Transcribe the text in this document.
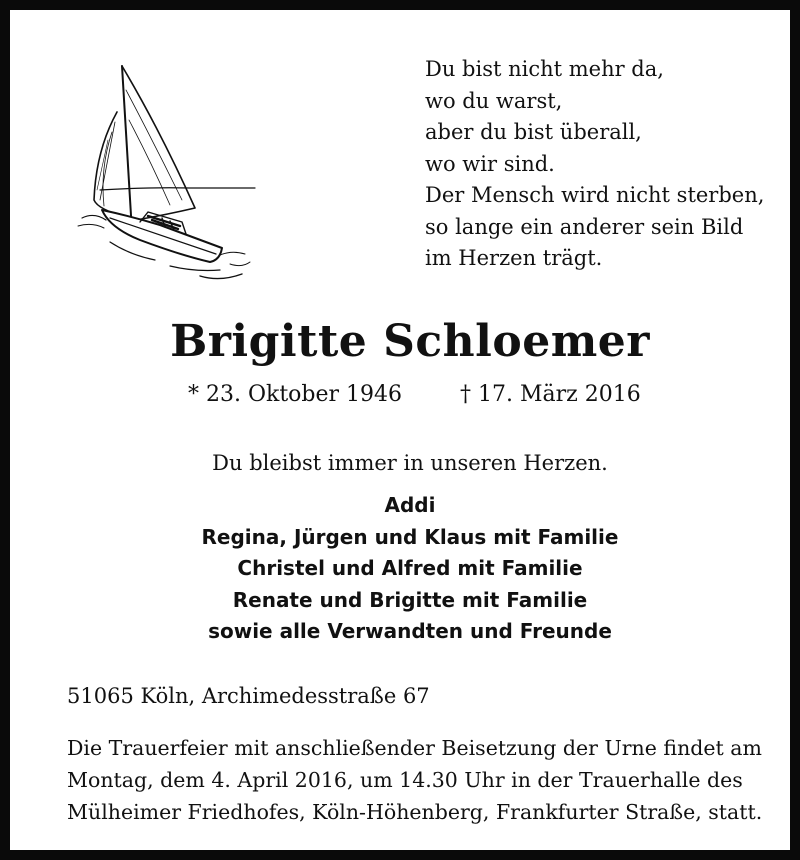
Du bist nicht mehr da,
wo du warst,
aber du bist überall,
wo wir sind.
Der Mensch wird nicht sterben,
so lange ein anderer sein Bild
im Herzen trägt.
Brigitte Schloemer
* 23. Oktober 1946	† 17. März 2016
Du bleibst immer in unseren Herzen.
Addi
Regina, Jürgen und Klaus mit Familie
Christel und Alfred mit Familie
Renate und Brigitte mit Familie
sowie alle Verwandten und Freunde
51065 Köln, Archimedesstraße 67
Die Trauerfeier mit anschließender Beisetzung der Urne findet am
Montag, dem 4. April 2016, um 14.30 Uhr in der Trauerhalle des
Mülheimer Friedhofes, Köln-Höhenberg, Frankfurter Straße, statt.
